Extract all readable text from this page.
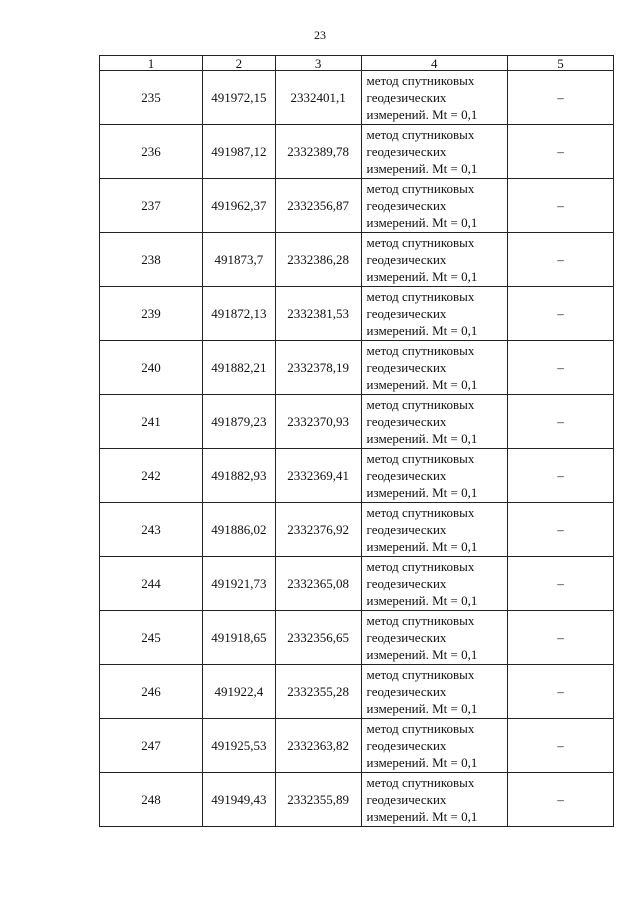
23
1	2	3	4	5
235	491972,15	2332401,1	метод спутниковых геодезических измерений. Mt = 0,1	–
236	491987,12	2332389,78	метод спутниковых геодезических измерений. Mt = 0,1	–
237	491962,37	2332356,87	метод спутниковых геодезических измерений. Mt = 0,1	–
238	491873,7	2332386,28	метод спутниковых геодезических измерений. Mt = 0,1	–
239	491872,13	2332381,53	метод спутниковых геодезических измерений. Mt = 0,1	–
240	491882,21	2332378,19	метод спутниковых геодезических измерений. Mt = 0,1	–
241	491879,23	2332370,93	метод спутниковых геодезических измерений. Mt = 0,1	–
242	491882,93	2332369,41	метод спутниковых геодезических измерений. Mt = 0,1	–
243	491886,02	2332376,92	метод спутниковых геодезических измерений. Mt = 0,1	–
244	491921,73	2332365,08	метод спутниковых геодезических измерений. Mt = 0,1	–
245	491918,65	2332356,65	метод спутниковых геодезических измерений. Mt = 0,1	–
246	491922,4	2332355,28	метод спутниковых геодезических измерений. Mt = 0,1	–
247	491925,53	2332363,82	метод спутниковых геодезических измерений. Mt = 0,1	–
248	491949,43	2332355,89	метод спутниковых геодезических измерений. Mt = 0,1	–
